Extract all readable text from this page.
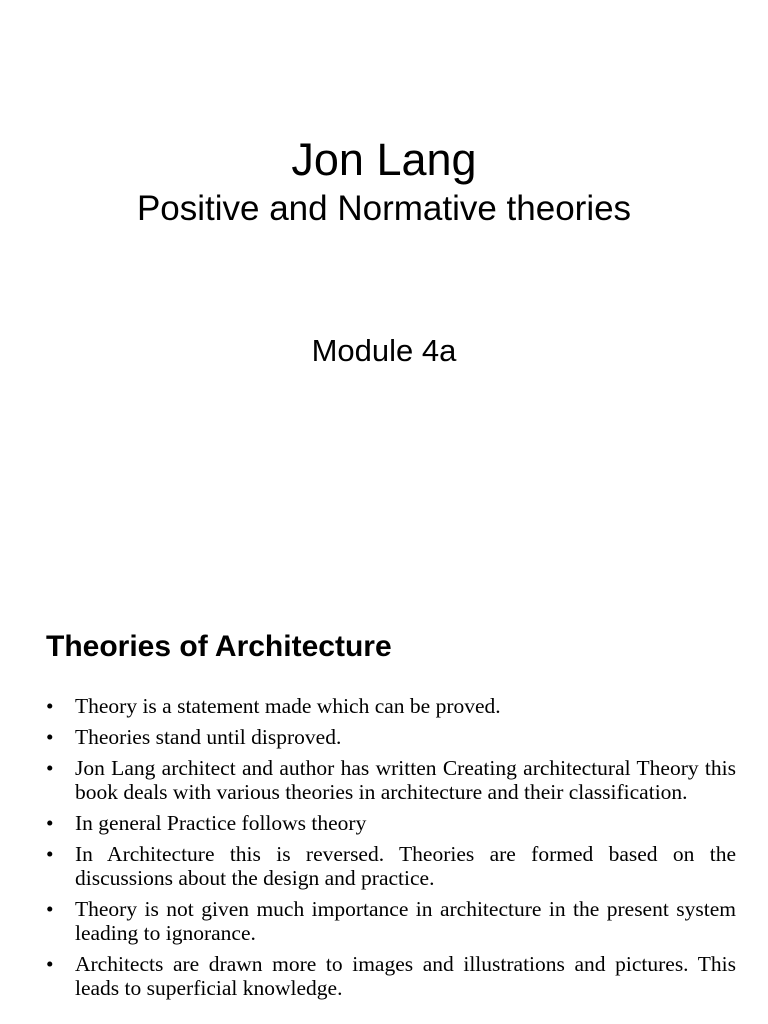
Jon Lang
Positive and Normative theories
Module 4a
Theories of Architecture
• Theory is a statement made which can be proved.
• Theories stand until disproved.
• Jon Lang architect and author has written Creating architectural Theory this book deals with various theories in architecture and their classification.
• In general Practice follows theory
• In Architecture this is reversed. Theories are formed based on the discussions about the design and practice.
• Theory is not given much importance in architecture in the present system leading to ignorance.
• Architects are drawn more to images and illustrations and pictures. This leads to superficial knowledge.
